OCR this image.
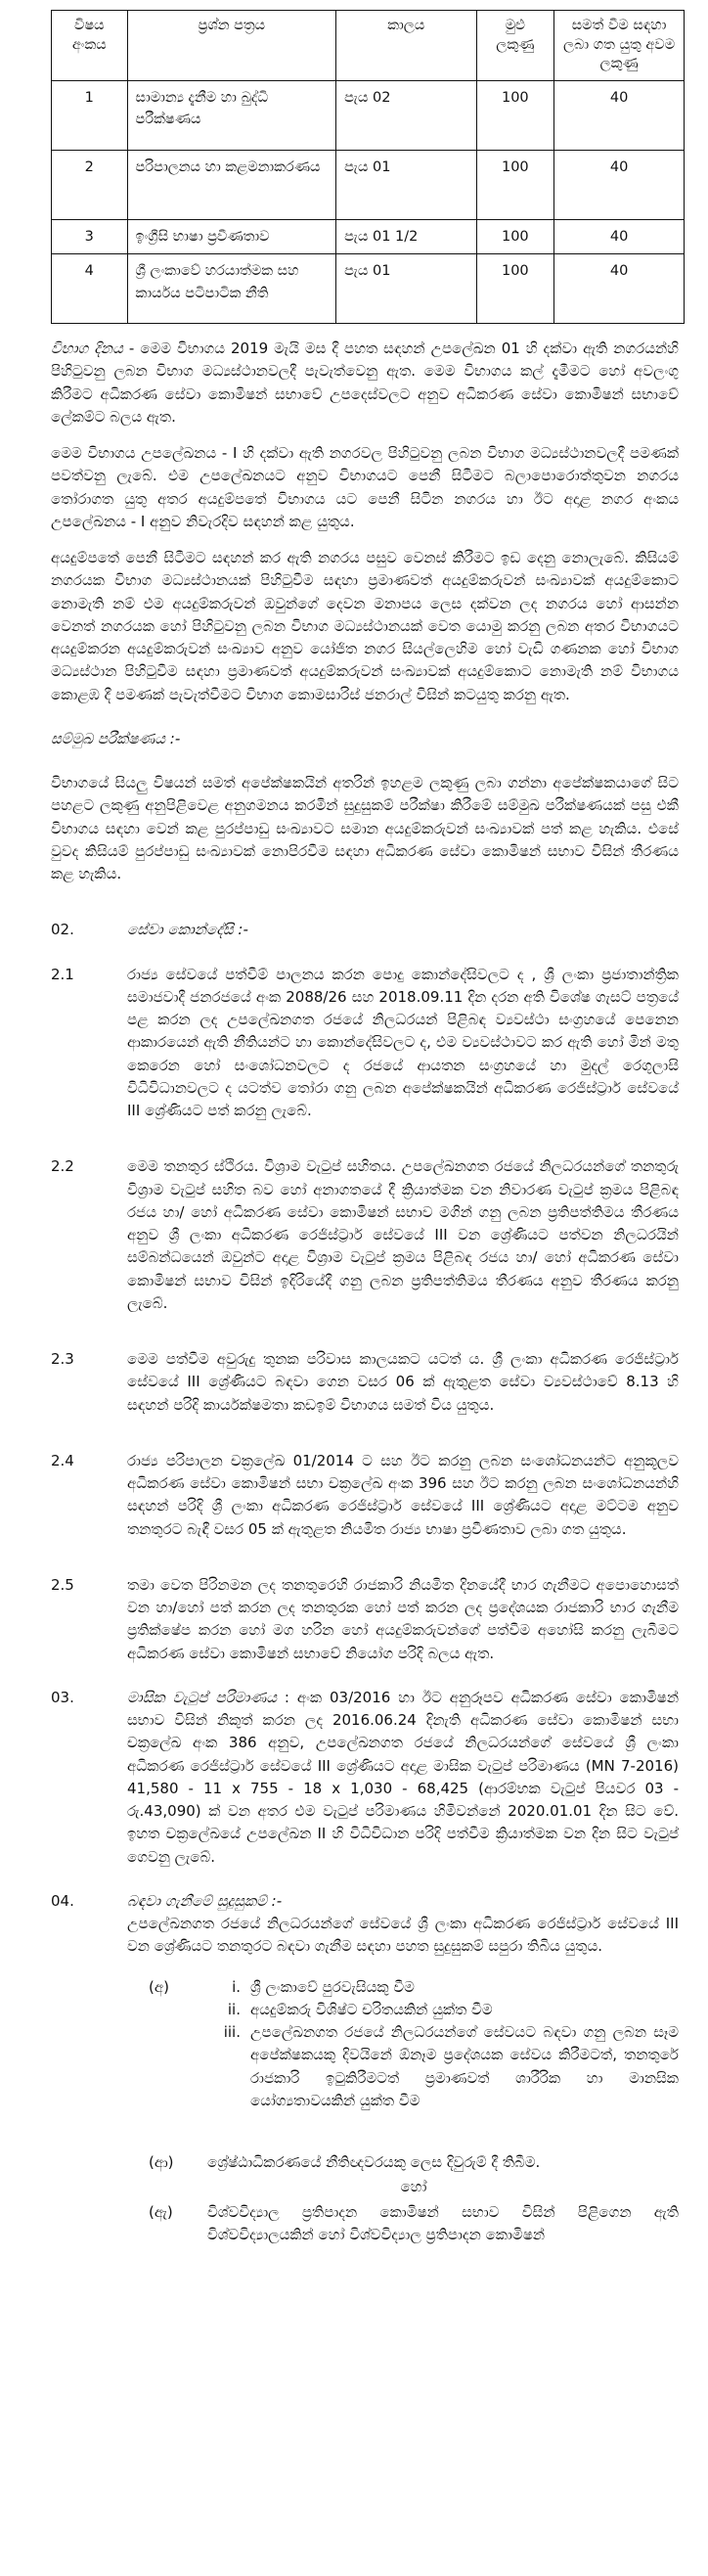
විෂය අංකය	ප්‍රශ්න පත්‍රය	කාලය	මුළු ලකුණු	සමත් වීම සඳහා ලබා ගත යුතු අවම ලකුණු
1	සාමාන්‍ය දැනීම හා බුද්ධි පරීක්ෂණය	පැය 02	100	40
2	පරිපාලනය හා කළමනාකරණය	පැය 01	100	40
3	ඉංග්‍රීසි භාෂා ප්‍රවීණතාව	පැය 01 1/2	100	40
4	ශ්‍රී ලංකාවේ හරයාත්මක සහ කාර්යය පටිපාටික නීති	පැය 01	100	40

විභාග දිනය - මෙම විභාගය 2019 මැයි මස දී පහත සඳහන් උපලේඛන 01 හි දක්වා ඇති නගරයන්හි පිහිටුවනු ලබන විභාග මධ්‍යස්ථානවලදී පැවැත්වෙනු ඇත. මෙම විභාගය කල් දැමීමට හෝ අවලංගු කිරීමට අධිකරණ සේවා කොමිෂන් සභාවේ උපදෙස්වලට අනුව අධිකරණ සේවා කොමිෂන් සභාවේ ලේකම්ට බලය ඇත.

මෙම විභාගය උපලේඛනය - I හි දක්වා ඇති නගරවල පිහිටුවනු ලබන විභාග මධ්‍යස්ථානවලදී පමණක් පවත්වනු ලැබේ. එම උපලේඛනයට අනුව විභාගයට පෙනී සිටීමට බලාපොරොත්තුවන නගරය තෝරාගත යුතු අතර අයදුම්පතේ විභාගය යට පෙනී සිටින නගරය හා ඊට අදාළ නගර අංකය උපලේඛනය - I අනුව නිවැරදිව සඳහන් කළ යුතුය.

අයදුම්පතේ පෙනී සිටීමට සඳහන් කර ඇති නගරය පසුව වෙනස් කිරීමට ඉඩ දෙනු නොලැබේ. කිසියම් නගරයක විභාග මධ්‍යස්ථානයක් පිහිටුවීම සඳහා ප්‍රමාණවත් අයදුම්කරුවන් සංඛ්‍යාවක් අයදුම්කොට නොමැති නම් එම අයදුම්කරුවන් ඔවුන්ගේ දෙවන මනාපය ලෙස දක්වන ලද නගරය හෝ ආසන්න වෙනත් නගරයක හෝ පිහිටුවනු ලබන විභාග මධ්‍යස්ථානයක් වෙත යොමු කරනු ලබන අතර විභාගයට අයදුම්කරන අයදුම්කරුවන් සංඛ්‍යාව අනුව යෝජිත නගර සියල්ලෙහිම හෝ වැඩි ගණනක හෝ විභාග මධ්‍යස්ථාන පිහිටුවීම සඳහා ප්‍රමාණවත් අයදුම්කරුවන් සංඛ්‍යාවක් අයදුම්කොට නොමැති නම් විභාගය කොළඹ දී පමණක් පැවැත්වීමට විභාග කොමසාරිස් ජනරාල් විසින් කටයුතු කරනු ඇත.

සම්මුඛ පරීක්ෂණය :-

විභාගයේ සියලු විෂයන් සමත් අපේක්ෂකයින් අතරින් ඉහළම ලකුණු ලබා ගන්නා අපේක්ෂකයාගේ සිට පහළට ලකුණු අනුපිළිවෙළ අනුගමනය කරමින් සුදුසුකම් පරීක්ෂා කිරීමේ සම්මුඛ පරීක්ෂණයක් පසු එකී විභාගය සඳහා වෙන් කළ පුරප්පාඩු සංඛ්‍යාවට සමාන අයදුම්කරුවන් සංඛ්‍යාවක් පත් කළ හැකිය. එසේ වුවද කිසියම් පුරප්පාඩු සංඛ්‍යාවක් නොපිරවීම සඳහා අධිකරණ සේවා කොමිෂන් සභාව විසින් තීරණය කළ හැකිය.

02.	සේවා කොන්දේසි :-
2.1	රාජ්‍ය සේවයේ පත්වීම් පාලනය කරන පොදු කොන්දේසිවලට ද , ශ්‍රී ලංකා ප්‍රජාතාන්ත්‍රික සමාජවාදී ජනරජයේ අංක 2088/26 සහ 2018.09.11 දින දරන අති විශේෂ ගැසට් පත්‍රයේ පළ කරන ලද උපලේඛනගත රජයේ නිලධරයන් පිළිබඳ ව්‍යවස්ථා සංග්‍රහයේ පෙනෙන ආකාරයෙන් ඇති නීතියන්ට හා කොන්දේසිවලට ද, එම ව්‍යවස්ථාවට කර ඇති හෝ මින් මතු කෙරෙන හෝ සංශෝධනවලට ද රජයේ ආයතන සංග්‍රහයේ හා මුදල් රෙගුලාසි විධිවිධානවලට ද යටත්ව තෝරා ගනු ලබන අපේක්ෂකයින් අධිකරණ රෙජිස්ට්‍රාර් සේවයේ III ශ්‍රේණියට පත් කරනු ලැබේ.
2.2	මෙම තනතුර ස්ථිරය. විශ්‍රාම වැටුප් සහිතය. උපලේඛනගත රජයේ නිලධරයන්ගේ තනතුරු විශ්‍රාම වැටුප් සහිත බව හෝ අනාගතයේ දී ක්‍රියාත්මක වන නිවාරණ වැටුප් ක්‍රමය පිළිබඳ රජය හා/ හෝ අධිකරණ සේවා කොමිෂන් සභාව මගින් ගනු ලබන ප්‍රතිපත්තිමය තීරණය අනුව ශ්‍රී ලංකා අධිකරණ රෙජිස්ට්‍රාර් සේවයේ III වන ශ්‍රේණියට පත්වන නිලධරයින් සම්බන්ධයෙන් ඔවුන්ට අදාළ විශ්‍රාම වැටුප් ක්‍රමය පිළිබඳ රජය හා/ හෝ අධිකරණ සේවා කොමිෂන් සභාව විසින් ඉදිරියේදී ගනු ලබන ප්‍රතිපත්තිමය තීරණය අනුව තීරණය කරනු ලැබේ.
2.3	මෙම පත්වීම අවුරුදු තුනක පරිවාස කාලයකට යටත් ය. ශ්‍රී ලංකා අධිකරණ රෙජිස්ට්‍රාර් සේවයේ III ශ්‍රේණියට බඳවා ගෙන වසර 06 ක් ඇතුළත සේවා ව්‍යවස්ථාවේ 8.13 හි සඳහන් පරිදි කාර්යක්ෂමතා කඩඉම් විභාගය සමත් විය යුතුය.
2.4	රාජ්‍ය පරිපාලන චක්‍රලේඛ 01/2014 ට සහ ඊට කරනු ලබන සංශෝධනයන්ට අනුකූලව අධිකරණ සේවා කොමිෂන් සභා චක්‍රලේඛ අංක 396 සහ ඊට කරනු ලබන සංශෝධනයන්හි සඳහන් පරිදි ශ්‍රී ලංකා අධිකරණ රෙජිස්ට්‍රාර් සේවයේ III ශ්‍රේණියට අදාළ මට්ටම අනුව තනතුරට බැඳී වසර 05 ක් ඇතුළත නියමිත රාජ්‍ය භාෂා ප්‍රවීණතාව ලබා ගත යුතුය.
2.5	තමා වෙත පිරිනමන ලද තනතුරෙහි රාජකාරි නියමිත දිනයේදී භාර ගැනීමට අපොහොසත් වන හා/හෝ පත් කරන ලද තනතුරක හෝ පත් කරන ලද ප්‍රදේශයක රාජකාරි භාර ගැනීම ප්‍රතික්ෂේප කරන හෝ මග හරින හෝ අයදුම්කරුවන්ගේ පත්වීම අහෝසි කරනු ලැබීමට අධිකරණ සේවා කොමිෂන් සභාවේ නියෝග පරිදි බලය ඇත.
03.	මාසික වැටුප් පරිමාණය : අංක 03/2016 හා ඊට අනුරූපව අධිකරණ සේවා කොමිෂන් සභාව විසින් නිකුත් කරන ලද 2016.06.24 දිනැති අධිකරණ සේවා කොමිෂන් සභා චක්‍රලේඛ අංක 386 අනුව, උපලේඛනගත රජයේ නිලධරයන්ගේ සේවයේ ශ්‍රී ලංකා අධිකරණ රෙජිස්ට්‍රාර් සේවයේ III ශ්‍රේණියට අදාළ මාසික වැටුප් පරිමාණය (MN 7-2016) 41,580 - 11 x 755 - 18 x 1,030 - 68,425 (ආරම්භක වැටුප් පියවර 03 - රු.43,090) ක් වන අතර එම වැටුප් පරිමාණය හිමිවන්නේ 2020.01.01 දින සිට වේ. ඉහත චක්‍රලේඛයේ උපලේඛන II හි විධිවිධාන පරිදි පත්වීම ක්‍රියාත්මක වන දින සිට වැටුප් ගෙවනු ලැබේ.
04.	බඳවා ගැනීමේ සුදුසුකම් :-
උපලේඛනගත රජයේ නිලධරයන්ගේ සේවයේ ශ්‍රී ලංකා අධිකරණ රෙජිස්ට්‍රාර් සේවයේ III වන ශ්‍රේණියට තනතුරට බඳවා ගැනීම සඳහා පහත සුදුසුකම් සපුරා තිබිය යුතුය.
(අ)	i. ශ්‍රී ලංකාවේ පුරවැසියකු වීම
ii. අයදුම්කරු විශිෂ්ට චරිතයකින් යුක්ත වීම
iii. උපලේඛනගත රජයේ නිලධරයන්ගේ සේවයට බඳවා ගනු ලබන සෑම අපේක්ෂකයකු දිවයිනේ ඕනෑම ප්‍රදේශයක සේවය කිරීමටත්, තනතුරේ රාජකාරි ඉටුකිරීමටත් ප්‍රමාණවත් ශාරීරික හා මානසික යෝග්‍යතාවයකින් යුක්ත වීම
(ආ)	ශ්‍රේෂ්ඨාධිකරණයේ නීතිඥවරයකු ලෙස දිවුරුම් දී තිබීම.

හෝ

(ඇ)	විශ්වවිද්‍යාල ප්‍රතිපාදන කොමිෂන් සභාව විසින් පිළිගෙන ඇති විශ්වවිද්‍යාලයකින් හෝ විශ්වවිද්‍යාල ප්‍රතිපාදන කොමිෂන්
